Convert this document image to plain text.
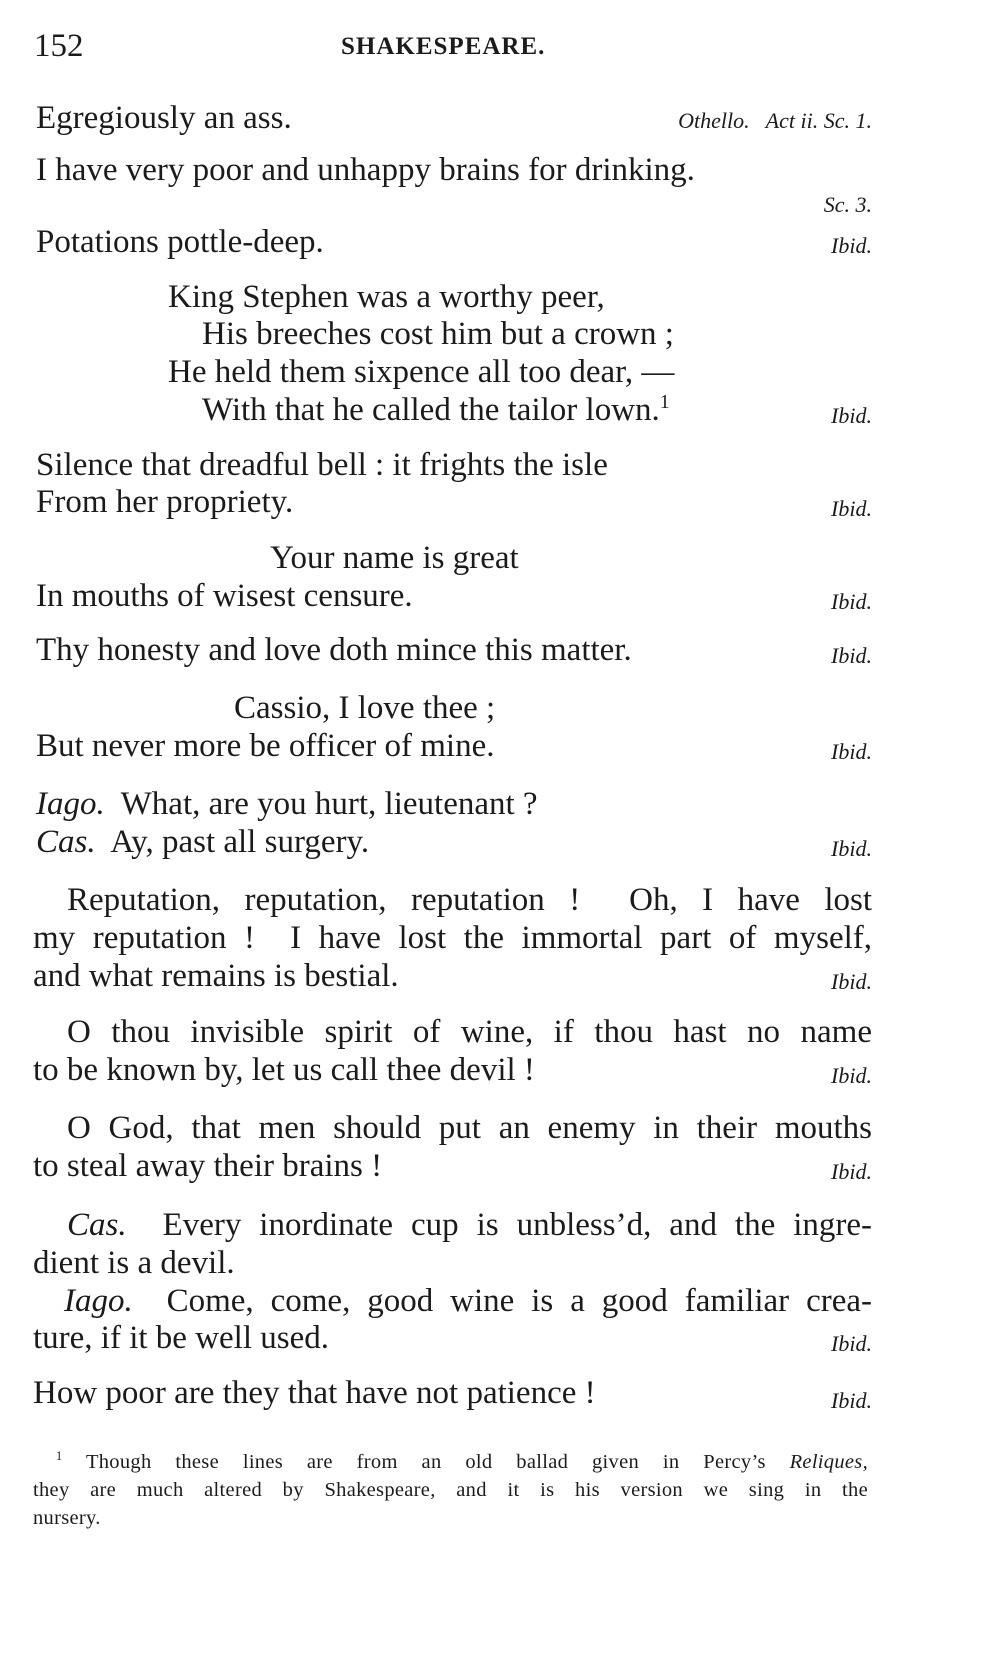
152	SHAKESPEARE.
Egregiously an ass.	Othello.   Act ii. Sc. 1.
I have very poor and unhappy brains for drinking.
Sc. 3.
Potations pottle-deep.	Ibid.
King Stephen was a worthy peer,
His breeches cost him but a crown ;
He held them sixpence all too dear, —
With that he called the tailor lown.$^1$
Ibid.
Silence that dreadful bell : it frights the isle
From her propriety.	Ibid.
Your name is great
In mouths of wisest censure.	Ibid.
Thy honesty and love doth mince this matter.	Ibid.
Cassio, I love thee ;
But never more be officer of mine.	Ibid.
Iago. What, are you hurt, lieutenant ?
Cas. Ay, past all surgery.	Ibid.
Reputation, reputation, reputation !  Oh, I have lost
my reputation !  I have lost the immortal part of myself,
and what remains is bestial.	Ibid.
O thou invisible spirit of wine, if thou hast no name
to be known by, let us call thee devil !	Ibid.
O God, that men should put an enemy in their mouths
to steal away their brains !	Ibid.
Cas. Every inordinate cup is unbless’d, and the ingre-
dient is a devil.
Iago. Come, come, good wine is a good familiar crea-
ture, if it be well used.	Ibid.
How poor are they that have not patience !	Ibid.
$^1$ Though these lines are from an old ballad given in Percy’s Reliques,
they are much altered by Shakespeare, and it is his version we sing in the
nursery.
